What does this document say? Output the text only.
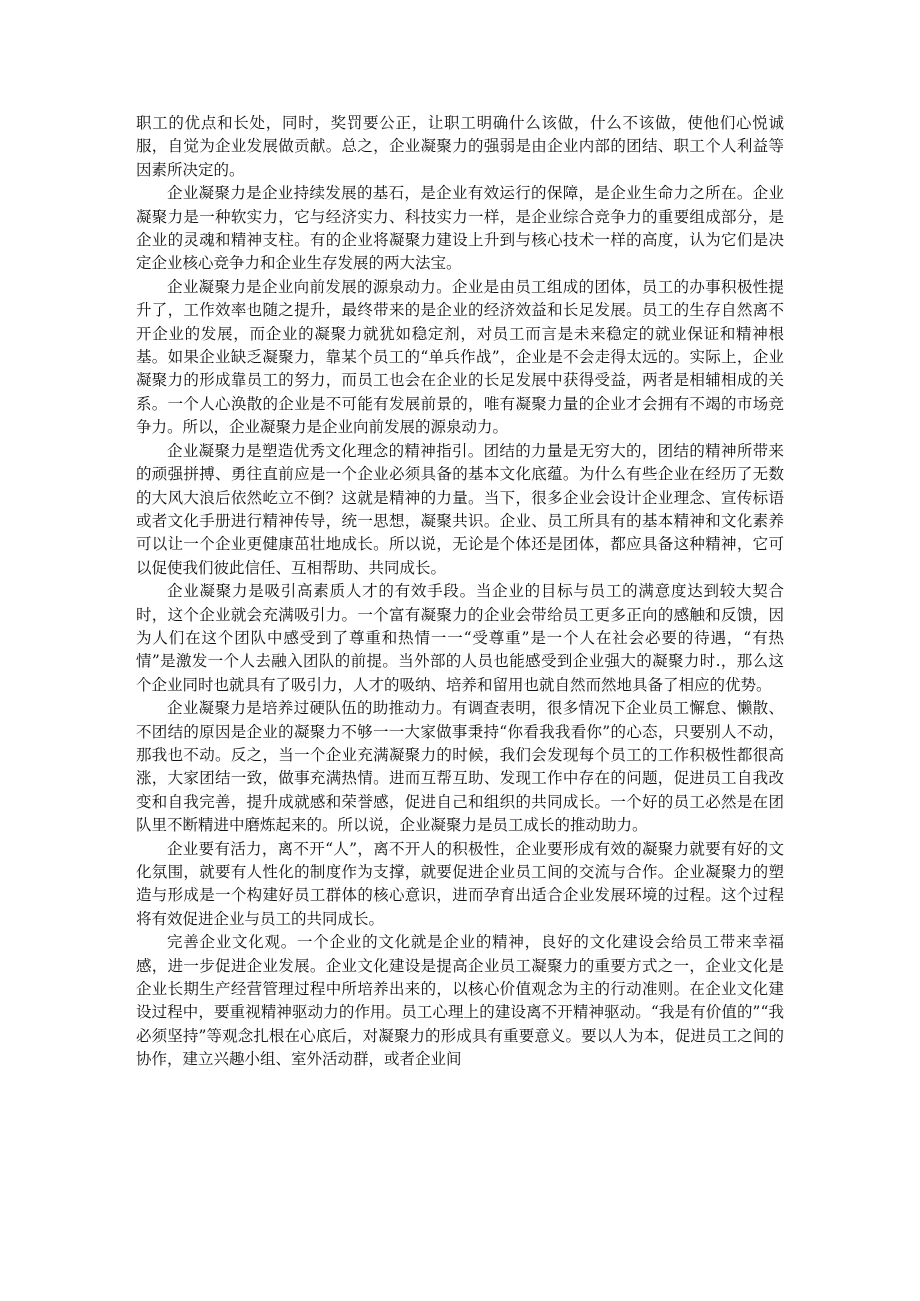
职工的优点和长处，同时，奖罚要公正，让职工明确什么该做，什么不该做，使他们心悦诚服，自觉为企业发展做贡献。总之，企业凝聚力的强弱是由企业内部的团结、职工个人利益等因素所决定的。

企业凝聚力是企业持续发展的基石，是企业有效运行的保障，是企业生命力之所在。企业凝聚力是一种软实力，它与经济实力、科技实力一样，是企业综合竞争力的重要组成部分，是企业的灵魂和精神支柱。有的企业将凝聚力建设上升到与核心技术一样的高度，认为它们是决定企业核心竞争力和企业生存发展的两大法宝。

企业凝聚力是企业向前发展的源泉动力。企业是由员工组成的团体，员工的办事积极性提升了，工作效率也随之提升，最终带来的是企业的经济效益和长足发展。员工的生存自然离不开企业的发展，而企业的凝聚力就犹如稳定剂，对员工而言是未来稳定的就业保证和精神根基。如果企业缺乏凝聚力，靠某个员工的“单兵作战”，企业是不会走得太远的。实际上，企业凝聚力的形成靠员工的努力，而员工也会在企业的长足发展中获得受益，两者是相辅相成的关系。一个人心涣散的企业是不可能有发展前景的，唯有凝聚力量的企业才会拥有不竭的市场竞争力。所以，企业凝聚力是企业向前发展的源泉动力。

企业凝聚力是塑造优秀文化理念的精神指引。团结的力量是无穷大的，团结的精神所带来的顽强拼搏、勇往直前应是一个企业必须具备的基本文化底蕴。为什么有些企业在经历了无数的大风大浪后依然屹立不倒？这就是精神的力量。当下，很多企业会设计企业理念、宣传标语或者文化手册进行精神传导，统一思想，凝聚共识。企业、员工所具有的基本精神和文化素养可以让一个企业更健康茁壮地成长。所以说，无论是个体还是团体，都应具备这种精神，它可以促使我们彼此信任、互相帮助、共同成长。

企业凝聚力是吸引高素质人才的有效手段。当企业的目标与员工的满意度达到较大契合时，这个企业就会充满吸引力。一个富有凝聚力的企业会带给员工更多正向的感触和反馈，因为人们在这个团队中感受到了尊重和热情一一“受尊重”是一个人在社会必要的待遇，“有热情”是激发一个人去融入团队的前提。当外部的人员也能感受到企业强大的凝聚力时.，那么这个企业同时也就具有了吸引力，人才的吸纳、培养和留用也就自然而然地具备了相应的优势。

企业凝聚力是培养过硬队伍的助推动力。有调查表明，很多情况下企业员工懈怠、懒散、不团结的原因是企业的凝聚力不够一一大家做事秉持“你看我我看你”的心态，只要别人不动，那我也不动。反之，当一个企业充满凝聚力的时候，我们会发现每个员工的工作积极性都很高涨，大家团结一致，做事充满热情。进而互帮互助、发现工作中存在的问题，促进员工自我改变和自我完善，提升成就感和荣誉感，促进自己和组织的共同成长。一个好的员工必然是在团队里不断精进中磨炼起来的。所以说，企业凝聚力是员工成长的推动助力。

企业要有活力，离不开“人”，离不开人的积极性，企业要形成有效的凝聚力就要有好的文化氛围，就要有人性化的制度作为支撑，就要促进企业员工间的交流与合作。企业凝聚力的塑造与形成是一个构建好员工群体的核心意识，进而孕育出适合企业发展环境的过程。这个过程将有效促进企业与员工的共同成长。

完善企业文化观。一个企业的文化就是企业的精神，良好的文化建设会给员工带来幸福感，进一步促进企业发展。企业文化建设是提高企业员工凝聚力的重要方式之一，企业文化是企业长期生产经营管理过程中所培养出来的，以核心价值观念为主的行动准则。在企业文化建设过程中，要重视精神驱动力的作用。员工心理上的建设离不开精神驱动。“我是有价值的”“我必须坚持”等观念扎根在心底后，对凝聚力的形成具有重要意义。要以人为本，促进员工之间的协作，建立兴趣小组、室外活动群，或者企业间
